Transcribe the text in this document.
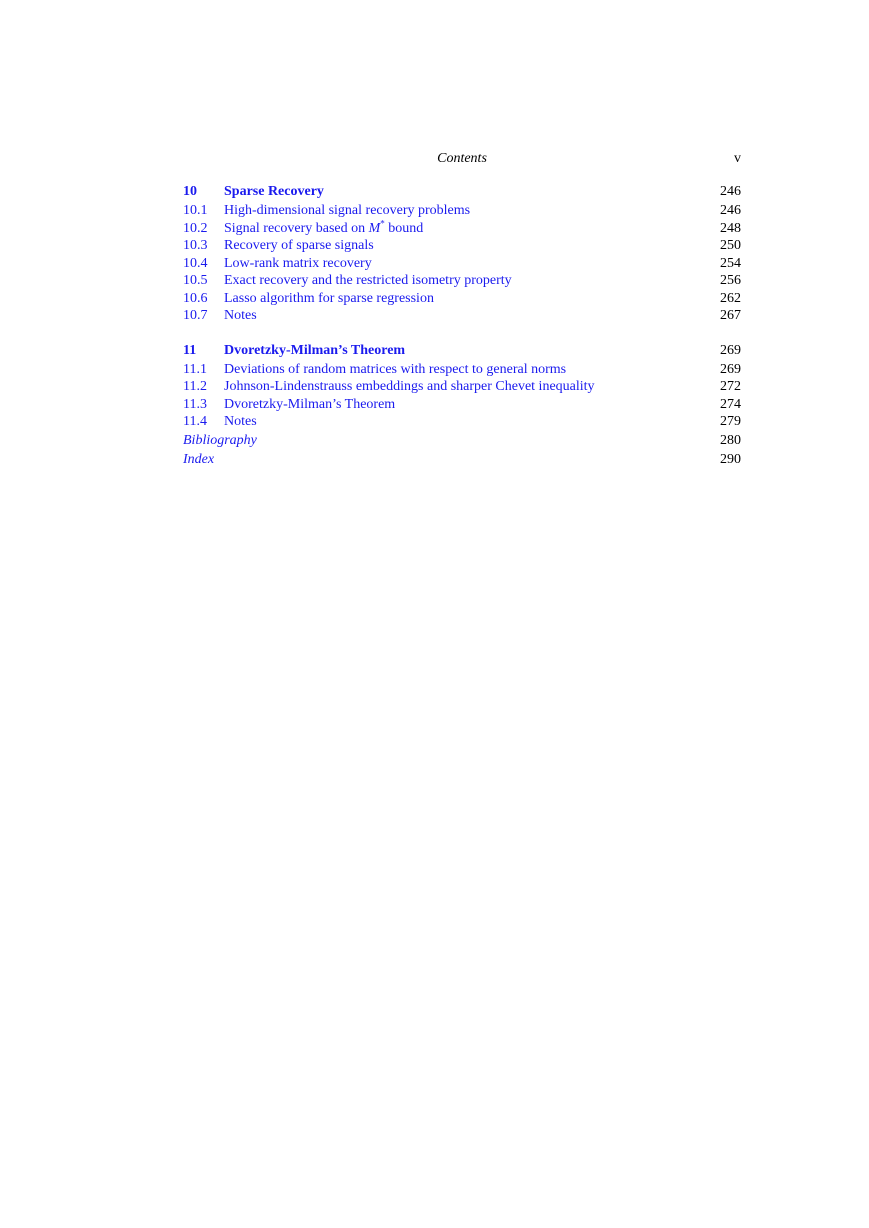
Contents	v
10 Sparse Recovery	246
10.1 High-dimensional signal recovery problems	246
10.2 Signal recovery based on M* bound	248
10.3 Recovery of sparse signals	250
10.4 Low-rank matrix recovery	254
10.5 Exact recovery and the restricted isometry property	256
10.6 Lasso algorithm for sparse regression	262
10.7 Notes	267
11 Dvoretzky-Milman’s Theorem	269
11.1 Deviations of random matrices with respect to general norms	269
11.2 Johnson-Lindenstrauss embeddings and sharper Chevet inequality	272
11.3 Dvoretzky-Milman’s Theorem	274
11.4 Notes	279
Bibliography	280
Index	290
